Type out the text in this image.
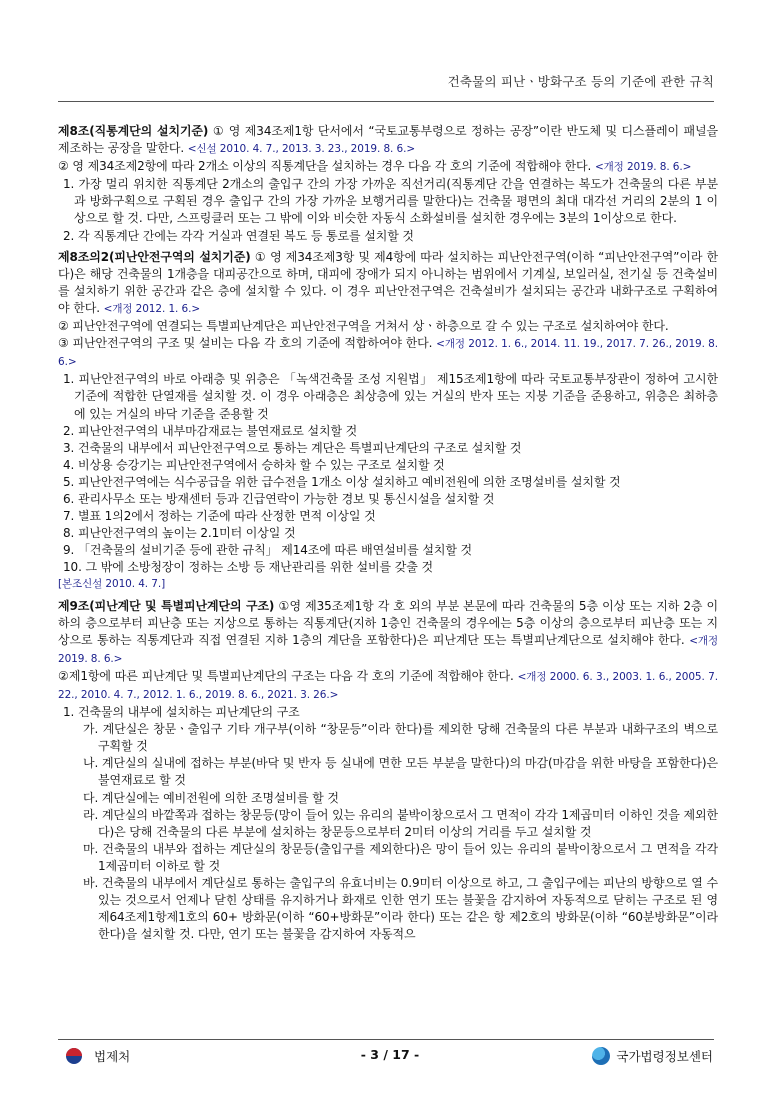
건축물의 피난ㆍ방화구조 등의 기준에 관한 규칙

제8조(직통계단의 설치기준) ① 영 제34조제1항 단서에서 “국토교통부령으로 정하는 공장”이란 반도체 및 디스플레이 패널을 제조하는 공장을 말한다. <신설 2010. 4. 7., 2013. 3. 23., 2019. 8. 6.>

② 영 제34조제2항에 따라 2개소 이상의 직통계단을 설치하는 경우 다음 각 호의 기준에 적합해야 한다. <개정 2019. 8. 6.>

1. 가장 멀리 위치한 직통계단 2개소의 출입구 간의 가장 가까운 직선거리(직통계단 간을 연결하는 복도가 건축물의 다른 부분과 방화구획으로 구획된 경우 출입구 간의 가장 가까운 보행거리를 말한다)는 건축물 평면의 최대 대각선 거리의 2분의 1 이상으로 할 것. 다만, 스프링클러 또는 그 밖에 이와 비슷한 자동식 소화설비를 설치한 경우에는 3분의 1이상으로 한다.

2. 각 직통계단 간에는 각각 거실과 연결된 복도 등 통로를 설치할 것

제8조의2(피난안전구역의 설치기준) ① 영 제34조제3항 및 제4항에 따라 설치하는 피난안전구역(이하 “피난안전구역”이라 한다)은 해당 건축물의 1개층을 대피공간으로 하며, 대피에 장애가 되지 아니하는 범위에서 기계실, 보일러실, 전기실 등 건축설비를 설치하기 위한 공간과 같은 층에 설치할 수 있다. 이 경우 피난안전구역은 건축설비가 설치되는 공간과 내화구조로 구획하여야 한다. <개정 2012. 1. 6.>

② 피난안전구역에 연결되는 특별피난계단은 피난안전구역을 거쳐서 상ㆍ하층으로 갈 수 있는 구조로 설치하여야 한다.

③ 피난안전구역의 구조 및 설비는 다음 각 호의 기준에 적합하여야 한다. <개정 2012. 1. 6., 2014. 11. 19., 2017. 7. 26., 2019. 8. 6.>

1. 피난안전구역의 바로 아래층 및 위층은 「녹색건축물 조성 지원법」 제15조제1항에 따라 국토교통부장관이 정하여 고시한 기준에 적합한 단열재를 설치할 것. 이 경우 아래층은 최상층에 있는 거실의 반자 또는 지붕 기준을 준용하고, 위층은 최하층에 있는 거실의 바닥 기준을 준용할 것

2. 피난안전구역의 내부마감재료는 불연재료로 설치할 것

3. 건축물의 내부에서 피난안전구역으로 통하는 계단은 특별피난계단의 구조로 설치할 것

4. 비상용 승강기는 피난안전구역에서 승하차 할 수 있는 구조로 설치할 것

5. 피난안전구역에는 식수공급을 위한 급수전을 1개소 이상 설치하고 예비전원에 의한 조명설비를 설치할 것

6. 관리사무소 또는 방재센터 등과 긴급연락이 가능한 경보 및 통신시설을 설치할 것

7. 별표 1의2에서 정하는 기준에 따라 산정한 면적 이상일 것

8. 피난안전구역의 높이는 2.1미터 이상일 것

9. 「건축물의 설비기준 등에 관한 규칙」 제14조에 따른 배연설비를 설치할 것

10. 그 밖에 소방청장이 정하는 소방 등 재난관리를 위한 설비를 갖출 것

[본조신설 2010. 4. 7.]

제9조(피난계단 및 특별피난계단의 구조) ①영 제35조제1항 각 호 외의 부분 본문에 따라 건축물의 5층 이상 또는 지하 2층 이하의 층으로부터 피난층 또는 지상으로 통하는 직통계단(지하 1층인 건축물의 경우에는 5층 이상의 층으로부터 피난층 또는 지상으로 통하는 직통계단과 직접 연결된 지하 1층의 계단을 포함한다)은 피난계단 또는 특별피난계단으로 설치해야 한다. <개정 2019. 8. 6.>

②제1항에 따른 피난계단 및 특별피난계단의 구조는 다음 각 호의 기준에 적합해야 한다. <개정 2000. 6. 3., 2003. 1. 6., 2005. 7. 22., 2010. 4. 7., 2012. 1. 6., 2019. 8. 6., 2021. 3. 26.>

1. 건축물의 내부에 설치하는 피난계단의 구조

가. 계단실은 창문ㆍ출입구 기타 개구부(이하 “창문등”이라 한다)를 제외한 당해 건축물의 다른 부분과 내화구조의 벽으로 구획할 것

나. 계단실의 실내에 접하는 부분(바닥 및 반자 등 실내에 면한 모든 부분을 말한다)의 마감(마감을 위한 바탕을 포함한다)은 불연재료로 할 것

다. 계단실에는 예비전원에 의한 조명설비를 할 것

라. 계단실의 바깥쪽과 접하는 창문등(망이 들어 있는 유리의 붙박이창으로서 그 면적이 각각 1제곱미터 이하인 것을 제외한다)은 당해 건축물의 다른 부분에 설치하는 창문등으로부터 2미터 이상의 거리를 두고 설치할 것

마. 건축물의 내부와 접하는 계단실의 창문등(출입구를 제외한다)은 망이 들어 있는 유리의 붙박이창으로서 그 면적을 각각 1제곱미터 이하로 할 것

바. 건축물의 내부에서 계단실로 통하는 출입구의 유효너비는 0.9미터 이상으로 하고, 그 출입구에는 피난의 방향으로 열 수 있는 것으로서 언제나 닫힌 상태를 유지하거나 화재로 인한 연기 또는 불꽃을 감지하여 자동적으로 닫히는 구조로 된 영 제64조제1항제1호의 60+ 방화문(이하 “60+방화문”이라 한다) 또는 같은 항 제2호의 방화문(이하 “60분방화문”이라 한다)을 설치할 것. 다만, 연기 또는 불꽃을 감지하여 자동적으

법제처	- 3 / 17 -	국가법령정보센터
